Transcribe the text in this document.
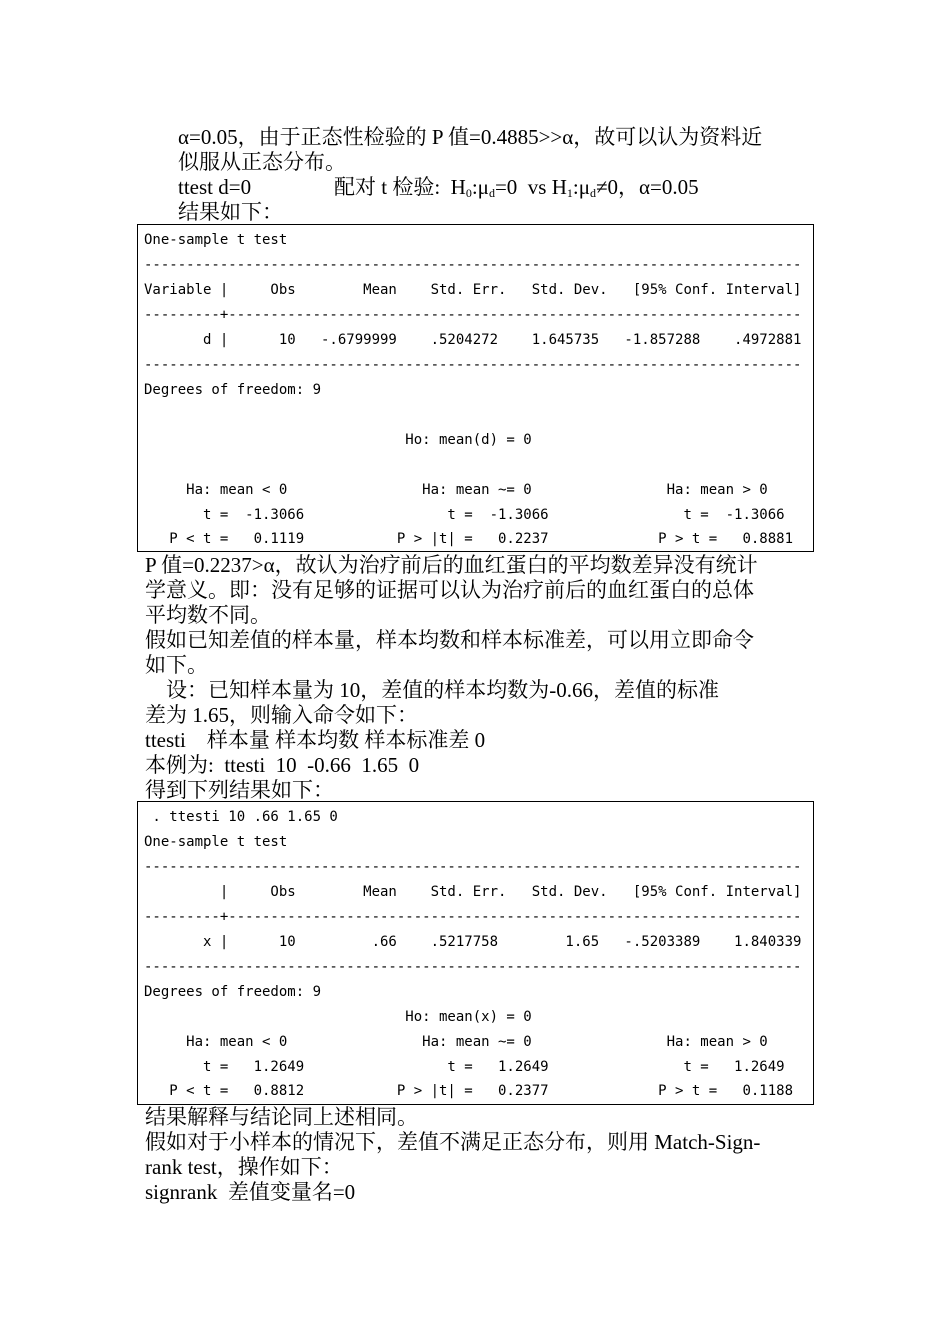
α=0.05，由于正态性检验的 P 值=0.4885>>α，故可以认为资料近
似服从正态分布。
ttest d=0	配对 t 检验:  $H_0:\mu_d=0$  vs $H_1:\mu_d\ne 0$，α=0.05
结果如下：
One-sample t test
------------------------------------------------------------------------------
Variable |     Obs        Mean    Std. Err.   Std. Dev.   [95% Conf. Interval]
---------+--------------------------------------------------------------------
d |      10   -.6799999    .5204272    1.645735   -1.857288    .4972881
------------------------------------------------------------------------------
Degrees of freedom: 9
Ho: mean(d) = 0
Ha: mean < 0                Ha: mean ~= 0                Ha: mean > 0
t =  -1.3066                 t =  -1.3066                t =  -1.3066
P < t =   0.1119           P > |t| =   0.2237             P > t =   0.8881
P 值=0.2237>α，故认为治疗前后的血红蛋白的平均数差异没有统计
学意义。即：没有足够的证据可以认为治疗前后的血红蛋白的总体
平均数不同。
假如已知差值的样本量，样本均数和样本标准差，可以用立即命令
如下。
设：已知样本量为 10，差值的样本均数为-0.66，差值的标准
差为 1.65，则输入命令如下：
ttesti    样本量 样本均数 样本标准差 0
本例为:  ttesti  10  -0.66  1.65  0
得到下列结果如下：
. ttesti 10 .66 1.65 0
One-sample t test
------------------------------------------------------------------------------
|     Obs        Mean    Std. Err.   Std. Dev.   [95% Conf. Interval]
---------+--------------------------------------------------------------------
x |      10         .66    .5217758        1.65   -.5203389    1.840339
------------------------------------------------------------------------------
Degrees of freedom: 9
Ho: mean(x) = 0
Ha: mean < 0                Ha: mean ~= 0                Ha: mean > 0
t =   1.2649                 t =   1.2649                t =   1.2649
P < t =   0.8812           P > |t| =   0.2377             P > t =   0.1188
结果解释与结论同上述相同。
假如对于小样本的情况下，差值不满足正态分布，则用 Match-Sign-
rank test，操作如下：
signrank  差值变量名=0
